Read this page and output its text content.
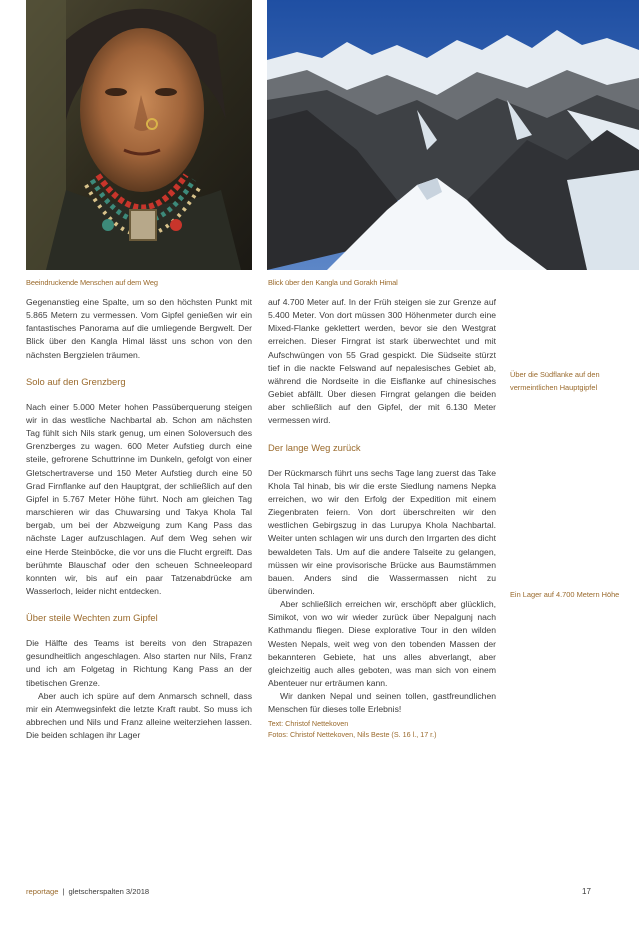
Beeindruckende Menschen auf dem Weg	Blick über den Kangla und Gorakh Himal

Gegenanstieg eine Spalte, um so den höchsten Punkt mit 5.865 Metern zu vermessen. Vom Gipfel genießen wir ein fantastisches Panorama auf die umliegende Bergwelt. Der Blick über den Kangla Himal lässt uns schon von den nächsten Bergzielen träumen.

Solo auf den Grenzberg

Nach einer 5.000 Meter hohen Passüberquerung steigen wir in das westliche Nachbartal ab. Schon am nächsten Tag fühlt sich Nils stark genug, um einen Soloversuch des Grenzberges zu wagen. 600 Meter Aufstieg durch eine steile, gefrorene Schuttrinne im Dunkeln, gefolgt von einer Gletschertraverse und 150 Meter Aufstieg durch eine 50 Grad Firnflanke auf den Hauptgrat, der schließlich auf den Gipfel in 5.767 Meter Höhe führt. Noch am gleichen Tag marschieren wir das Chuwarsing und Takya Khola Tal bergab, um bei der Abzweigung zum Kang Pass das nächste Lager aufzuschlagen. Auf dem Weg sehen wir eine Herde Steinböcke, die vor uns die Flucht ergreift. Das berühmte Blauschaf oder den scheuen Schneeleopard konnten wir, bis auf ein paar Tatzenabdrücke am Wasserloch, leider nicht entdecken.

Über steile Wechten zum Gipfel

Die Hälfte des Teams ist bereits von den Strapazen gesundheitlich angeschlagen. Also starten nur Nils, Franz und ich am Folgetag in Richtung Kang Pass an der tibetischen Grenze.

Aber auch ich spüre auf dem Anmarsch schnell, dass mir ein Atemwegsinfekt die letzte Kraft raubt. So muss ich abbrechen und Nils und Franz alleine weiterziehen lassen. Die beiden schlagen ihr Lager

auf 4.700 Meter auf. In der Früh steigen sie zur Grenze auf 5.400 Meter. Von dort müssen 300 Höhenmeter durch eine Mixed-Flanke geklettert werden, bevor sie den Westgrat erreichen. Dieser Firngrat ist stark überwechtet und mit Aufschwüngen von 55 Grad gespickt. Die Südseite stürzt tief in die nackte Felswand auf nepalesisches Gebiet ab, während die Nordseite in die Eisflanke auf chinesisches Gebiet abfällt. Über diesen Firngrat gelangen die beiden aber schließlich auf den Gipfel, der mit 6.130 Meter vermessen wird.

Der lange Weg zurück

Der Rückmarsch führt uns sechs Tage lang zuerst das Take Khola Tal hinab, bis wir die erste Siedlung namens Nepka erreichen, wo wir den Erfolg der Expedition mit einem Ziegenbraten feiern. Von dort überschreiten wir den westlichen Gebirgszug in das Lurupya Khola Nachbartal. Weiter unten schlagen wir uns durch den Irrgarten des dicht bewaldeten Tals. Um auf die andere Talseite zu gelangen, müssen wir eine provisorische Brücke aus Baumstämmen bauen. Anders sind die Wassermassen nicht zu überwinden.

Aber schließlich erreichen wir, erschöpft aber glücklich, Simikot, von wo wir wieder zurück über Nepalgunj nach Kathmandu fliegen. Diese explorative Tour in den wilden Westen Nepals, weit weg von den tobenden Massen der bekannteren Gebiete, hat uns alles abverlangt, aber gleichzeitig auch alles geboten, was man sich von einem Abenteuer nur erträumen kann.

Wir danken Nepal und seinen tollen, gastfreundlichen Menschen für dieses tolle Erlebnis!

Text: Christof Nettekoven
Fotos: Christof Nettekoven, Nils Beste (S. 16 l., 17 r.)
Über die Südflanke auf den vermeintlichen Hauptgipfel
Ein Lager auf 4.700 Metern Höhe
reportage | gletscherspalten 3/2018	17
